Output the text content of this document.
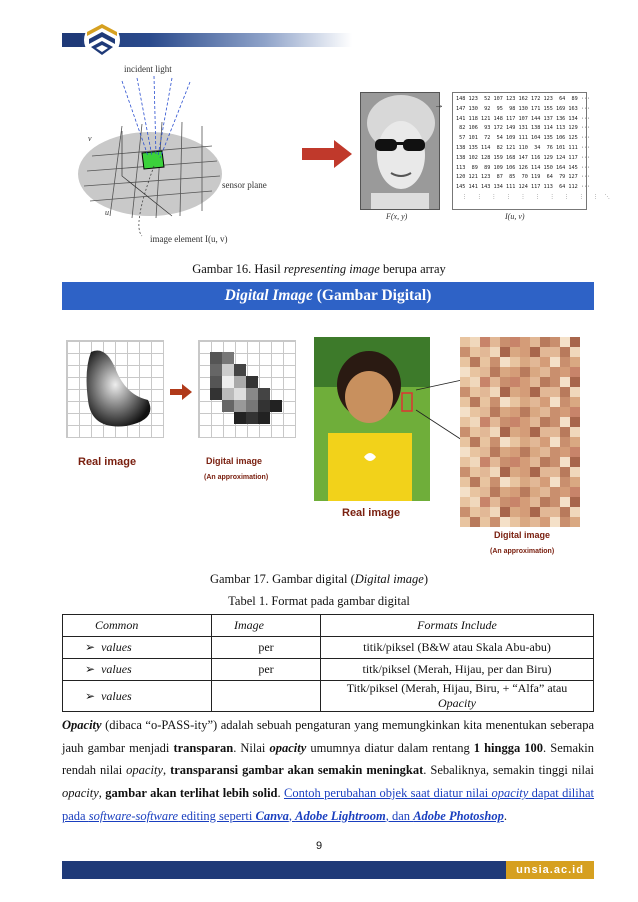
incident light
v
u
sensor plane
image element I(u, v)
→
F(x, y)
148 123  52 107 123 162 172 123  64  89 ···
147 130  92  95  98 130 171 155 169 163 ···
141 118 121 148 117 107 144 137 136 134 ···
82 106  93 172 149 131 138 114 113 129 ···
57 101  72  54 109 111 104 135 106 125 ···
138 135 114  82 121 110  34  76 101 111 ···
138 102 128 159 168 147 116 129 124 117 ···
113  89  89 109 106 126 114 150 164 145 ···
120 121 123  87  85  70 119  64  79 127 ···
145 141 143 134 111 124 117 113  64 112 ···
⋮   ⋮   ⋮   ⋮   ⋮   ⋮   ⋮   ⋮   ⋮   ⋮  ⋱
I(u, v)
Gambar 16. Hasil representing image berupa array
Digital Image (Gambar Digital)
Real image	Digital image
(An approximation)
Real image
Digital image
(An approximation)
Gambar 17. Gambar digital (Digital image)
Tabel 1. Format pada gambar digital
Common	Image	Formats Include
➢ values	per	titik/piksel (B&W atau Skala Abu-abu)
➢ values	per	titk/piksel (Merah, Hijau, per dan Biru)
➢ values		Titk/piksel (Merah, Hijau, Biru, + “Alfa” atau Opacity
Opacity (dibaca “o-PASS-ity”) adalah sebuah pengaturan yang memungkinkan kita menentukan seberapa jauh gambar menjadi transparan. Nilai opacity umumnya diatur dalam rentang 1 hingga 100. Semakin rendah nilai opacity, transparansi gambar akan semakin meningkat. Sebaliknya, semakin tinggi nilai opacity, gambar akan terlihat lebih solid. Contoh perubahan objek saat diatur nilai opacity dapat dilihat pada software-software editing seperti Canva, Adobe Lightroom, dan Adobe Photoshop.
9
unsia.ac.id
